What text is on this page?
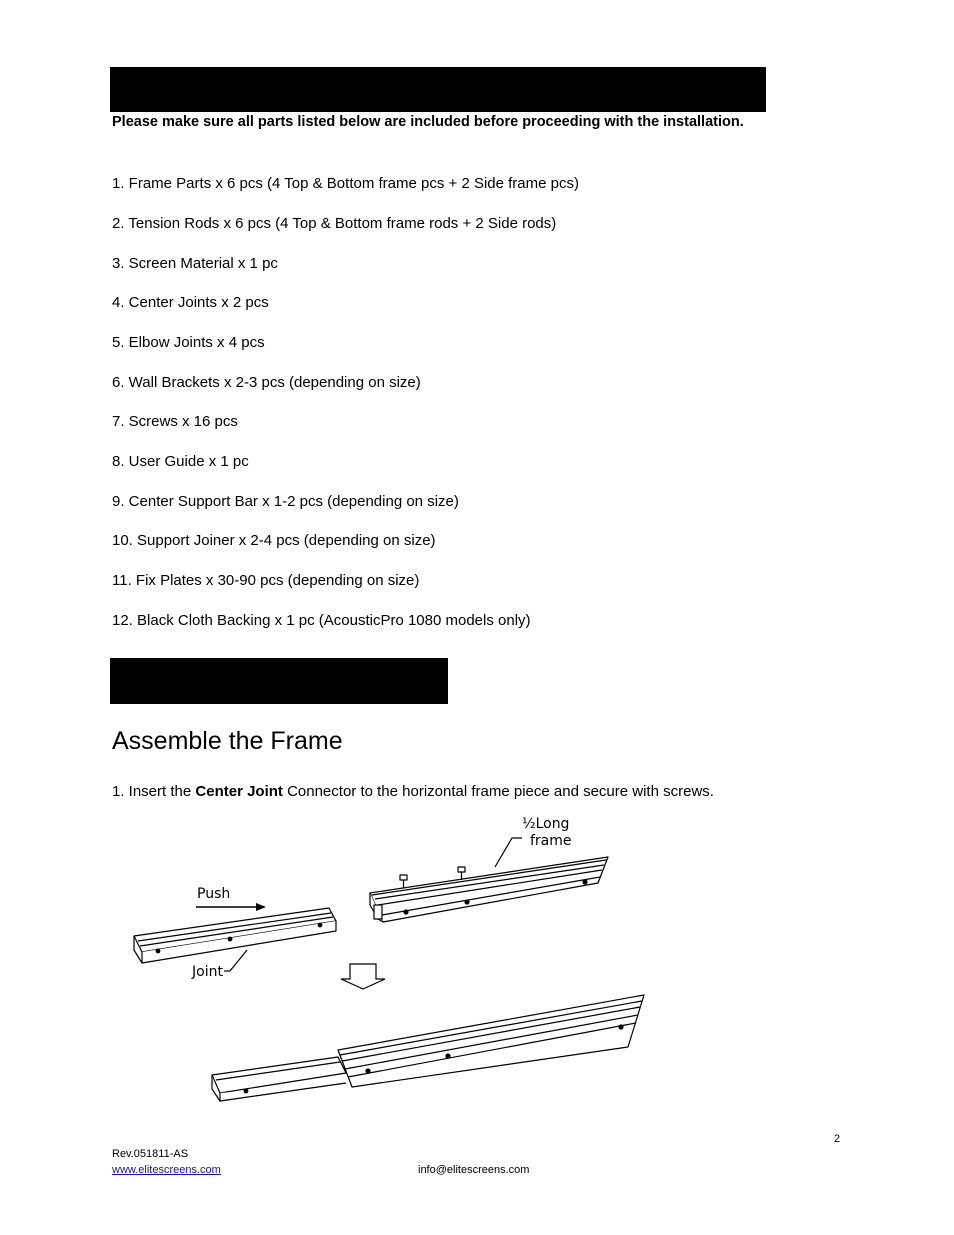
Please make sure all parts listed below are included before proceeding with the installation.
1. Frame Parts x 6 pcs (4 Top & Bottom frame pcs + 2 Side frame pcs)
2. Tension Rods x 6 pcs (4 Top & Bottom frame rods + 2 Side rods)
3. Screen Material x 1 pc
4. Center Joints x 2 pcs
5. Elbow Joints x 4 pcs
6. Wall Brackets x 2-3 pcs (depending on size)
7. Screws x 16 pcs
8. User Guide x 1 pc
9. Center Support Bar x 1-2 pcs (depending on size)
10. Support Joiner x 2-4 pcs (depending on size)
11. Fix Plates x 30-90 pcs (depending on size)
12. Black Cloth Backing x 1 pc (AcousticPro 1080 models only)
Assemble the Frame
1. Insert the Center Joint Connector to the horizontal frame piece and secure with screws.
½Long
frame
Push
Joint
2
Rev.051811-AS
www.elitescreens.com	info@elitescreens.com
